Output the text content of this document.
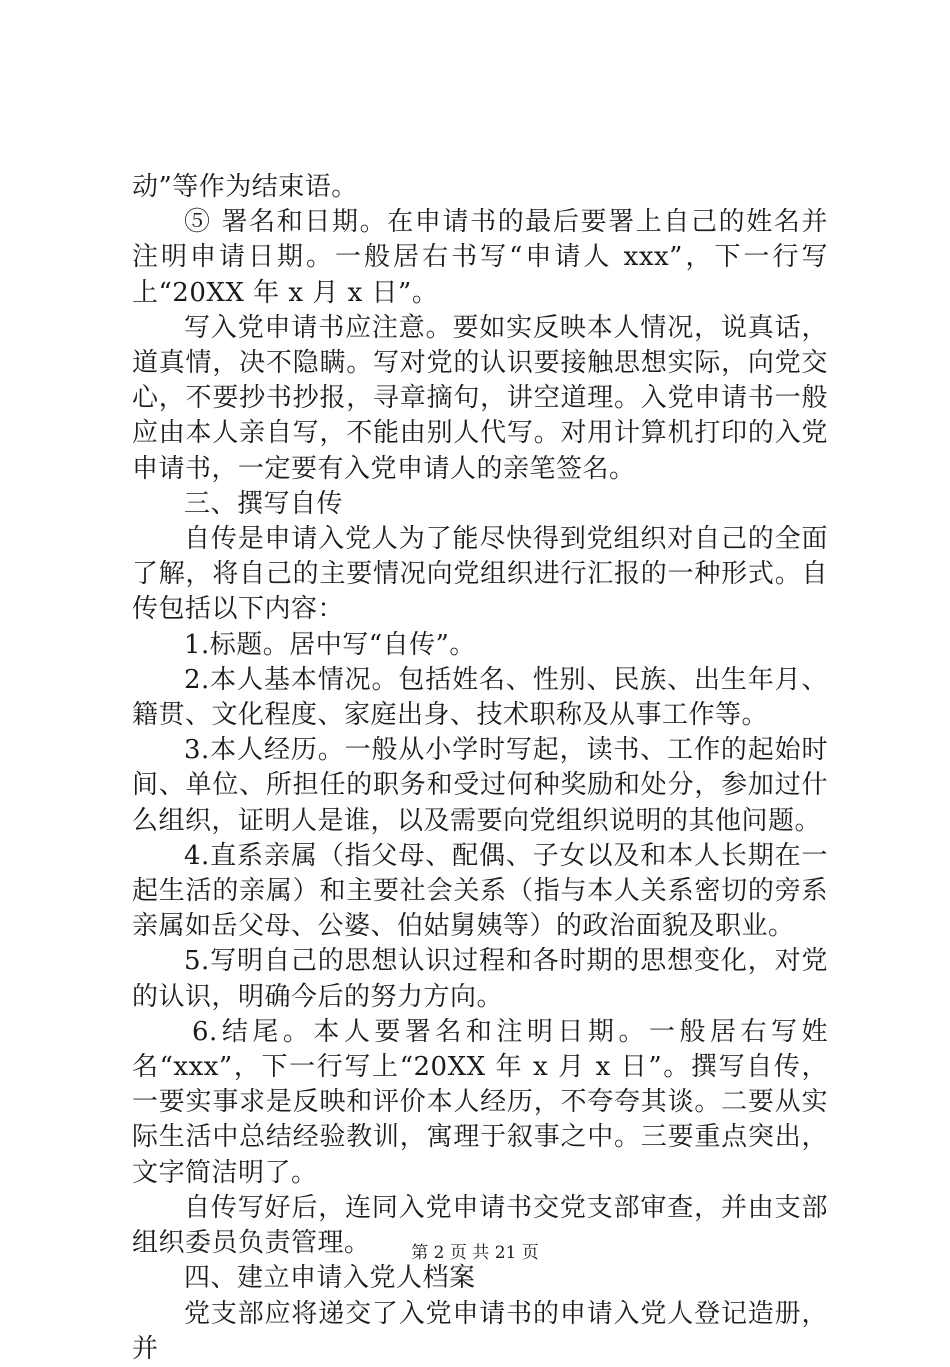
动”等作为结束语。

⑤ 署名和日期。在申请书的最后要署上自己的姓名并注明申请日期。一般居右书写“申请人 xxx”，下一行写上“20XX 年 x 月 x 日”。

写入党申请书应注意。要如实反映本人情况，说真话，道真情，决不隐瞒。写对党的认识要接触思想实际，向党交心，不要抄书抄报，寻章摘句，讲空道理。入党申请书一般应由本人亲自写，不能由别人代写。对用计算机打印的入党申请书，一定要有入党申请人的亲笔签名。

三、撰写自传

自传是申请入党人为了能尽快得到党组织对自己的全面了解，将自己的主要情况向党组织进行汇报的一种形式。自传包括以下内容：

1.标题。居中写“自传”。

2.本人基本情况。包括姓名、性别、民族、出生年月、籍贯、文化程度、家庭出身、技术职称及从事工作等。

3.本人经历。一般从小学时写起，读书、工作的起始时间、单位、所担任的职务和受过何种奖励和处分，参加过什么组织，证明人是谁，以及需要向党组织说明的其他问题。

4.直系亲属（指父母、配偶、子女以及和本人长期在一起生活的亲属）和主要社会关系（指与本人关系密切的旁系亲属如岳父母、公婆、伯姑舅姨等）的政治面貌及职业。

5.写明自己的思想认识过程和各时期的思想变化，对党的认识，明确今后的努力方向。

6.结尾。本人要署名和注明日期。一般居右写姓名“xxx”，下一行写上“20XX 年 x 月 x 日”。撰写自传，一要实事求是反映和评价本人经历，不夸夸其谈。二要从实际生活中总结经验教训，寓理于叙事之中。三要重点突出，文字简洁明了。

自传写好后，连同入党申请书交党支部审查，并由支部组织委员负责管理。

四、建立申请入党人档案

党支部应将递交了入党申请书的申请入党人登记造册，并

第 2 页 共 21 页
